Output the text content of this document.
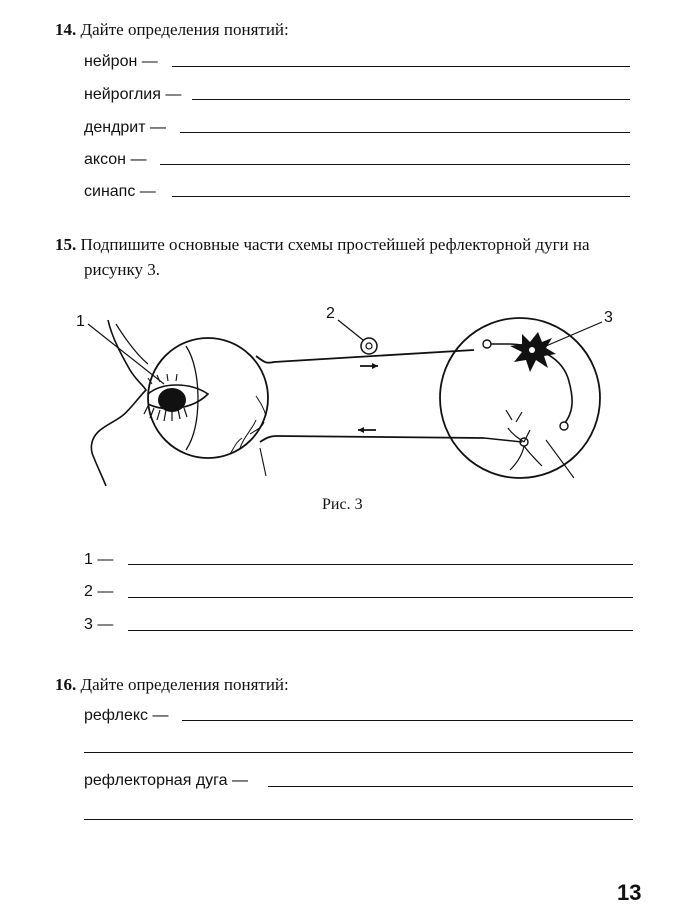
14. Дайте определения понятий:
нейрон —
нейроглия —
дендрит —
аксон —
синапс —
15. Подпишите основные части схемы простейшей рефлекторной дуги на
рисунку 3.
1	2	3
Рис. 3
1 —
2 —
3 —
16. Дайте определения понятий:
рефлекс —
рефлекторная дуга —
13
